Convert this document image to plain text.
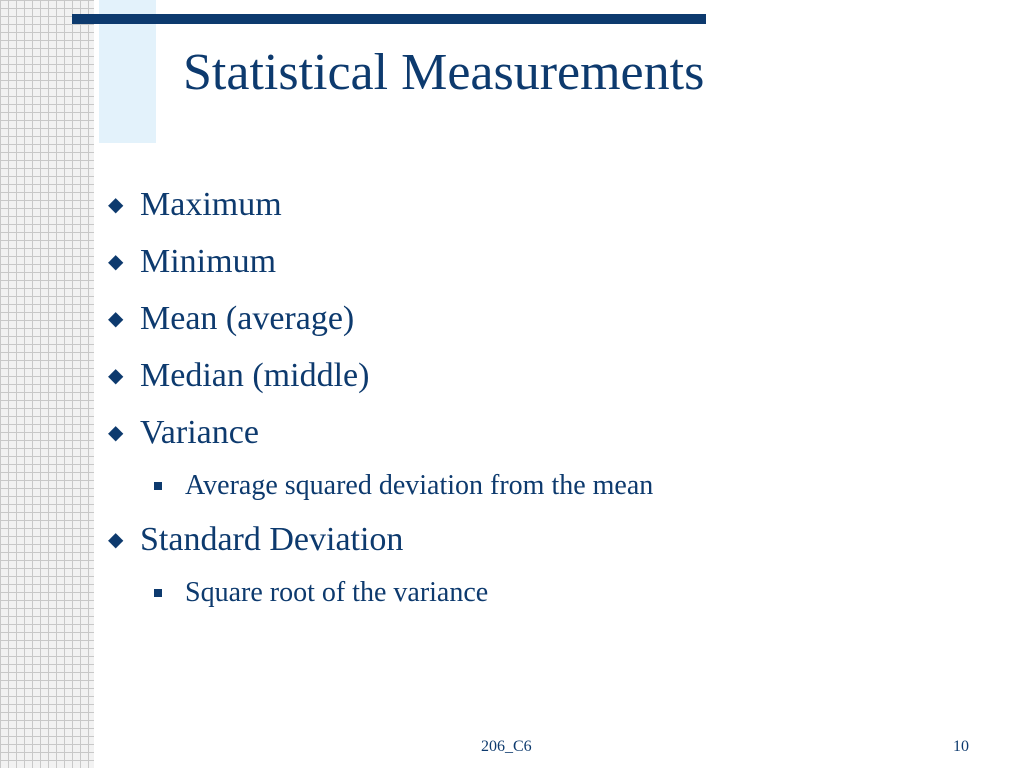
Statistical Measurements
◆ Maximum
◆ Minimum
◆ Mean (average)
◆ Median (middle)
◆ Variance
Average squared deviation from the mean
◆ Standard Deviation
Square root of the variance
206_C6	10
